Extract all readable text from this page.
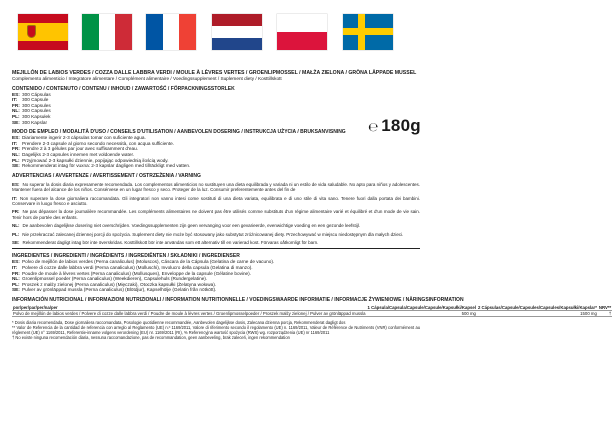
℮ 180g
MEJILLÓN DE LABIOS VERDES / COZZA DALLE LABBRA VERDI / MOULE À LÈVRES VERTES / GROENLIPMOSSEL / MAŁŻA ZIELONA / GRÖNA LÄPPADE MUSSEL
Complemento alimenticio / Integratore alimentare / Complément alimentaire / Voedingssupplement / Suplement diety / Kosttillskott
CONTENIDO / CONTENUTO / CONTENU / INHOUD / ZAWARTOŚĆ / FÖRPACKNINGSSTORLEK
ES: 300 Cápsulas
IT: 300 Capsule
FR: 300 Capsules
NL: 300 Capsules
PL: 300 Kapsułek
SE: 300 Kapslar
MODO DE EMPLEO / MODALITÀ D'USO / CONSEILS D'UTILISATION / AANBEVOLEN DOSERING / INSTRUKCJA UŻYCIA / BRUKSANVISNING
ES: Diariamente ingerir 2-3 cápsulas tomar con suficiente agua.
IT: Prendere 2-3 capsule al giorno secondo necessità, con acqua sufficiente.
FR: Prendre 2 à 3 gélules par jour avec suffisamment d'eau.
NL: Dagelijks 2-3 capsules innemen met voldoende water.
PL: Przyjmować 2-3 kapsułki dziennie, popijając odpowiednią ilością wody.
SE: Rekommenderat intag för vuxna: 2-3 kapslar dagligen med tillräckligt med vatten.
ADVERTENCIAS / AVVERTENZE / AVERTISSEMENT / OSTRZEŻENIA / VARNING
ES: No superar la dosis diaria expresamente recomendada. Los complementos alimenticios no sustituyen una dieta equilibrada y variada ni un estilo de vida saludable. No apto para niños y adolescentes. Mantener fuera del alcance de los niños. Consérvese en un lugar fresco y seco. Proteger de la luz. Consumir preferentemente antes del fin de
IT: Non superare la dose giornaliera raccomandata. Gli integratori non vanno intesi come sostituti di una dieta variata, equilibrata e di uno stile di vita sano. Tenere fuori dalla portata dei bambini. Conservare in luogo fresco e asciutto.
FR: Ne pas dépasser la dose journalière recommandée. Les compléments alimentaires ne doivent pas être utilisés comme substituts d'un régime alimentaire varié et équilibré et d'un mode de vie sain. Tenir hors de portée des enfants.
NL: De aanbevolen dagelijkse dosering niet overschrijden. Voedingssupplementen zijn geen vervanging voor een gevarieerde, evenwichtige voeding en een gezonde leefstijl.
PL: Nie przekraczać zalecanej dziennej porcji do spożycia. Suplement diety nie może być stosowany jako substytut zróżnicowanej diety. Przechowywać w miejscu niedostępnym dla małych dzieci.
SE: Rekommenderat dagligt intag bör inte överskridas. Kosttillskott bör inte användas som ett alternativ till en varierad kost. Förvaras oåtkomligt för barn.
INGREDIENTES / INGREDIENTI / INGRÉDIENTS / INGREDIËNTEN / SKŁADNIKI / INGREDIENSER
ES: Polvo de mejillón de labios verdes (Perna canaliculus) (Moluscos), Cáscara de la Cápsula (Gelatina de carne de vacuno).
IT: Polvere di cozze dalle labbra verdi (Perna canaliculus) (Molluschi), Involucro della capsula (Gelatina di manzo).
FR: Poudre de moule à lèvres vertes (Perna canaliculus) (Mollusques), Enveloppe de la capsule (Gélatine bovine).
NL: Groenlipmossel poeder (Perna canaliculus) (Weekdieren), Capsulehuls (Rundergelatine).
PL: Proszek z małży zielonej (Perna canaliculus) (Mięczaki), Otoczka kapsułki (Żelatyna wołowa).
SE: Pulver av grönläppad mussla (Perna canaliculus) (Blötdjur), Kapselhölje (Gelatin från nötkött).
INFORMACIÓN NUTRICIONAL / INFORMAZIONI NUTRIZIONALI / INFORMATION NUTRITIONNELLE / VOEDINGSWAARDE INFORMATIE / INFORMACJE ŻYWIENIOWE / NÄRINGSINFORMATION
por/per/par/per/na/per	1 Cápsula/Capsula/Capsule/Capsule/Kapsułki/Kapsel	2 Cápsulas/Capsule/Capsules/Capsules/Kapsułki/Kapslar*	NRV**
Polvo de mejillón de labios verdes / Polvere di cozze dalle labbra verdi / Poudre de moule à lèvres vertes / Groenlipmosselpoeder / Proszek małży zielonej / Pulver av grönläppad mussla	500 mg	1500 mg	†
* Dosis diaria recomendada, Dose giornaliera raccomandata, Posologie quotidienne recommandée, Aanbevolen dagelijkse dosis, Zalecana dzienna porcja, Rekommenderat dagligt dos
** Valor de Referencia de la cantidad de referencia con arreglo al Reglamento (UE) n.º 1169/2011, Valore di riferimento secondo il regolamento (UE) n. 1169/2011, Valeur de Référence de Nutriments (VNR) conformément au règlement (UE) n° 1169/2011, Referentie-inname volgens verordening (EU) nr. 1169/2011 (RI), % Referencyjna wartość spożycia (RWS) wg. rozporządzenia (UE) nr 1169/2011
† No existe ninguna recomendación diaria, nessuna raccomandazione, pas de recommandation, geen aanbeveling, brak zaleceń, ingen rekommendation
